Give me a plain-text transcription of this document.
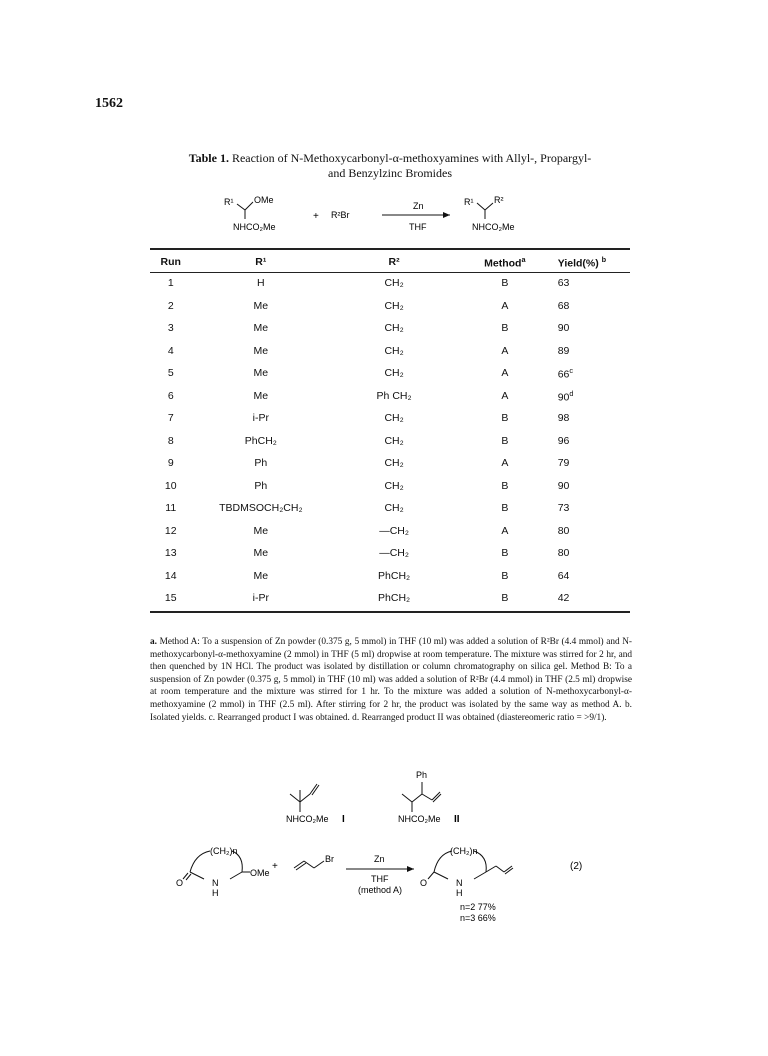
1562
Table 1. Reaction of N-Methoxycarbonyl-α-methoxyamines with Allyl-, Propargyl-
and Benzylzinc Bromides
R¹ OMe
NHCO₂Me
+ R²Br
Zn
THF
R¹ R²
NHCO₂Me
Run	R¹	R²	Method$^a$	Yield(%) $^b$
1	H	CH₂	B	63
2	Me	CH₂	A	68
3	Me	CH₂	B	90
4	Me	CH₂	A	89
5	Me	CH₂	A	66$^c$
6	Me	Ph CH₂	A	90$^d$
7	i-Pr	CH₂	B	98
8	PhCH₂	CH₂	B	96
9	Ph	CH₂	A	79
10	Ph	CH₂	B	90
11	TBDMSOCH₂CH₂	CH₂	B	73
12	Me	—CH₂	A	80
13	Me	—CH₂	B	80
14	Me	PhCH₂	B	64
15	i-Pr	PhCH₂	B	42
a. Method A: To a suspension of Zn powder (0.375 g, 5 mmol) in THF (10 ml) was added a solution of R²Br (4.4 mmol) and N-methoxycarbonyl-α-methoxyamine (2 mmol) in THF (5 ml) dropwise at room temperature. The mixture was stirred for 2 hr, and then quenched by 1N HCl. The product was isolated by distillation or column chromatography on silica gel. Method B: To a suspension of Zn powder (0.375 g, 5 mmol) in THF (10 ml) was added a solution of R²Br (4.4 mmol) in THF (2.5 ml) dropwise at room temperature and the mixture was stirred for 1 hr. To the mixture was added a solution of N-methoxycarbonyl-α-methoxyamine (2 mmol) in THF (2.5 ml). After stirring for 2 hr, the product was isolated by the same way as method A. b. Isolated yields. c. Rearranged product I was obtained. d. Rearranged product II was obtained (diastereomeric ratio = >9/1).
NHCO₂Me I
Ph
NHCO₂Me II
(CH₂)n
O	N
H
OMe
+
Br	Zn
THF
(method A)
(CH₂)n
O	N
H
(2)
n=2 77%
n=3 66%
